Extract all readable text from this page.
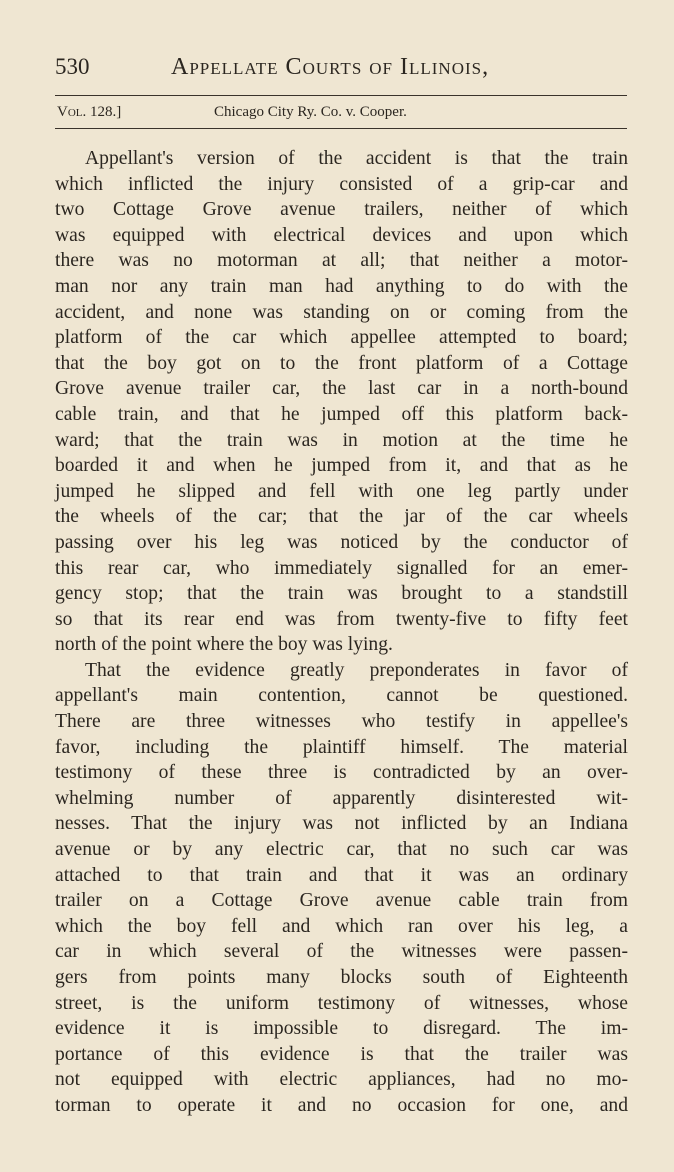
530	Appellate Courts of Illinois,
Vol. 128.]	Chicago City Ry. Co. v. Cooper.
Appellant's version of the accident is that the train
which inflicted the injury consisted of a grip-car and
two Cottage Grove avenue trailers, neither of which
was equipped with electrical devices and upon which
there was no motorman at all; that neither a motor-
man nor any train man had anything to do with the
accident, and none was standing on or coming from the
platform of the car which appellee attempted to board;
that the boy got on to the front platform of a Cottage
Grove avenue trailer car, the last car in a north-bound
cable train, and that he jumped off this platform back-
ward; that the train was in motion at the time he
boarded it and when he jumped from it, and that as he
jumped he slipped and fell with one leg partly under
the wheels of the car; that the jar of the car wheels
passing over his leg was noticed by the conductor of
this rear car, who immediately signalled for an emer-
gency stop; that the train was brought to a standstill
so that its rear end was from twenty-five to fifty feet
north of the point where the boy was lying.
That the evidence greatly preponderates in favor of
appellant's main contention, cannot be questioned.
There are three witnesses who testify in appellee's
favor, including the plaintiff himself. The material
testimony of these three is contradicted by an over-
whelming number of apparently disinterested wit-
nesses. That the injury was not inflicted by an Indiana
avenue or by any electric car, that no such car was
attached to that train and that it was an ordinary
trailer on a Cottage Grove avenue cable train from
which the boy fell and which ran over his leg, a
car in which several of the witnesses were passen-
gers from points many blocks south of Eighteenth
street, is the uniform testimony of witnesses, whose
evidence it is impossible to disregard. The im-
portance of this evidence is that the trailer was
not equipped with electric appliances, had no mo-
torman to operate it and no occasion for one, and
